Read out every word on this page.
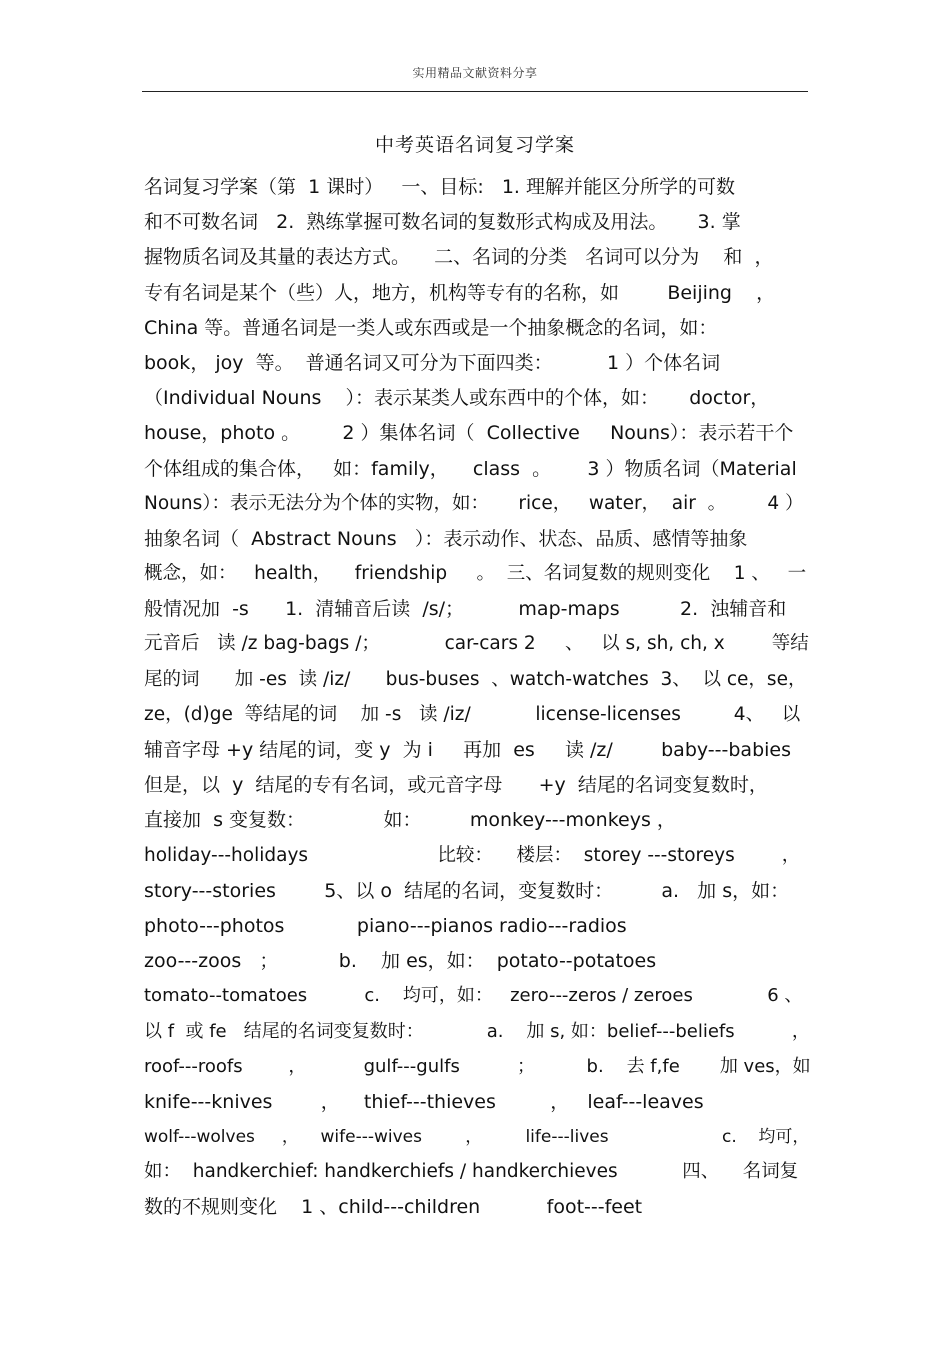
实用精品文献资料分享
中考英语名词复习学案
名词复习学案（第  1 课时）   一、目标:   1. 理解并能区分所学的可数
和不可数名词   2.  熟练掌握可数名词的复数形式构成及用法。     3. 掌
握物质名词及其量的表达方式。    二、名词的分类   名词可以分为    和  ，
专有名词是某个（些）人，地方，机构等专有的名称，如        Beijing    ，
China 等。普通名词是一类人或东西或是一个抽象概念的名词，如：
book， joy  等。  普通名词又可分为下面四类：         1 ）个体名词
（Individual Nouns    ）：表示某类人或东西中的个体，如：     doctor，
house，photo 。       2 ）集体名词（  Collective     Nouns）：表示若干个
个体组成的集合体，   如：family，    class  。      3 ）物质名词（Material
Nouns）：表示无法分为个体的实物，如：     rice，   water，  air  。       4 ）
抽象名词（  Abstract Nouns   ）：表示动作、状态、品质、感情等抽象
概念，如：   health，    friendship     。  三、名词复数的规则变化    1 、   一
般情况加  -s      1.  清辅音后读  /s/；         map-maps          2.  浊辅音和
元音后   读 /z bag-bags /；           car-cars 2     、   以 s, sh, ch, x        等结
尾的词      加 -es  读 /iz/      bus-buses  、watch-watches  3、  以 ce，se，
ze，(d)ge  等结尾的词    加 -s   读 /iz/           license-licenses         4、   以
辅音字母 +y 结尾的词，变 y  为 i     再加  es     读 /z/        baby---babies
但是，以  y  结尾的专有名词，或元音字母      +y  结尾的名词变复数时，
直接加  s 变复数：             如：        monkey---monkeys ，
holiday---holidays                      比较：    楼层：  storey ---storeys        ，
story---stories        5、以 o  结尾的名词，变复数时：        a.   加 s，如：
photo---photos            piano---pianos radio---radios
zoo---zoos   ；          b.    加 es，如：  potato--potatoes
tomato--tomatoes          c.    均可，如：   zero---zeros / zeroes             6 、
以 f  或 fe   结尾的名词变复数时：           a.    加 s, 如：belief---beliefs          ，
roof---roofs        ，          gulf---gulfs          ；         b.    去 f,fe       加 ves，如
knife---knives        ，    thief---thieves         ，   leaf---leaves
wolf---wolves     ，    wife---wives        ，        life---lives                     c.    均可，
如：  handkerchief: handkerchiefs / handkerchieves           四、    名词复
数的不规则变化    1 、child---children           foot---feet
